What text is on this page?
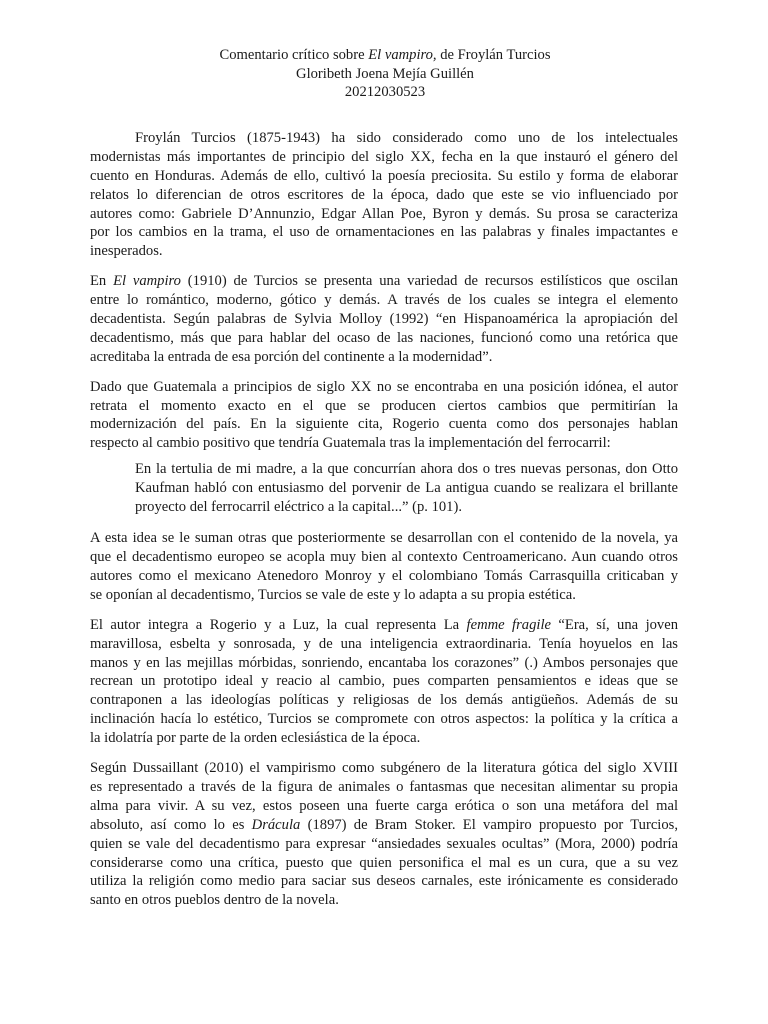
Comentario crítico sobre El vampiro, de Froylán Turcios
Gloribeth Joena Mejía Guillén
20212030523
Froylán Turcios (1875-1943) ha sido considerado como uno de los intelectuales
modernistas más importantes de principio del siglo XX, fecha en la que instauró el género del
cuento en Honduras. Además de ello, cultivó la poesía preciosita. Su estilo y forma de elaborar
relatos lo diferencian de otros escritores de la época, dado que este se vio influenciado por
autores como: Gabriele D’Annunzio, Edgar Allan Poe, Byron y demás. Su prosa se caracteriza
por los cambios en la trama, el uso de ornamentaciones en las palabras y finales impactantes e
inesperados.
En El vampiro (1910) de Turcios se presenta una variedad de recursos estilísticos que oscilan
entre lo romántico, moderno, gótico y demás. A través de los cuales se integra el elemento
decadentista. Según palabras de Sylvia Molloy (1992) “en Hispanoamérica la apropiación del
decadentismo, más que para hablar del ocaso de las naciones, funcionó como una retórica que
acreditaba la entrada de esa porción del continente a la modernidad”.
Dado que Guatemala a principios de siglo XX no se encontraba en una posición idónea, el autor
retrata el momento exacto en el que se producen ciertos cambios que permitirían la
modernización del país. En la siguiente cita, Rogerio cuenta como dos personajes hablan
respecto al cambio positivo que tendría Guatemala tras la implementación del ferrocarril:
En la tertulia de mi madre, a la que concurrían ahora dos o tres nuevas personas, don Otto
Kaufman habló con entusiasmo del porvenir de La antigua cuando se realizara el brillante
proyecto del ferrocarril eléctrico a la capital...” (p. 101).
A esta idea se le suman otras que posteriormente se desarrollan con el contenido de la novela, ya
que el decadentismo europeo se acopla muy bien al contexto Centroamericano. Aun cuando otros
autores como el mexicano Atenedoro Monroy y el colombiano Tomás Carrasquilla criticaban y
se oponían al decadentismo, Turcios se vale de este y lo adapta a su propia estética.
El autor integra a Rogerio y a Luz, la cual representa La femme fragile “Era, sí, una joven
maravillosa, esbelta y sonrosada, y de una inteligencia extraordinaria. Tenía hoyuelos en las
manos y en las mejillas mórbidas, sonriendo, encantaba los corazones” (.) Ambos personajes que
recrean un prototipo ideal y reacio al cambio, pues comparten pensamientos e ideas que se
contraponen a las ideologías políticas y religiosas de los demás antigüeños. Además de su
inclinación hacía lo estético, Turcios se compromete con otros aspectos: la política y la crítica a
la idolatría por parte de la orden eclesiástica de la época.
Según Dussaillant (2010) el vampirismo como subgénero de la literatura gótica del siglo XVIII
es representado a través de la figura de animales o fantasmas que necesitan alimentar su propia
alma para vivir. A su vez, estos poseen una fuerte carga erótica o son una metáfora del mal
absoluto, así como lo es Drácula (1897) de Bram Stoker. El vampiro propuesto por Turcios,
quien se vale del decadentismo para expresar “ansiedades sexuales ocultas” (Mora, 2000) podría
considerarse como una crítica, puesto que quien personifica el mal es un cura, que a su vez
utiliza la religión como medio para saciar sus deseos carnales, este irónicamente es considerado
santo en otros pueblos dentro de la novela.
